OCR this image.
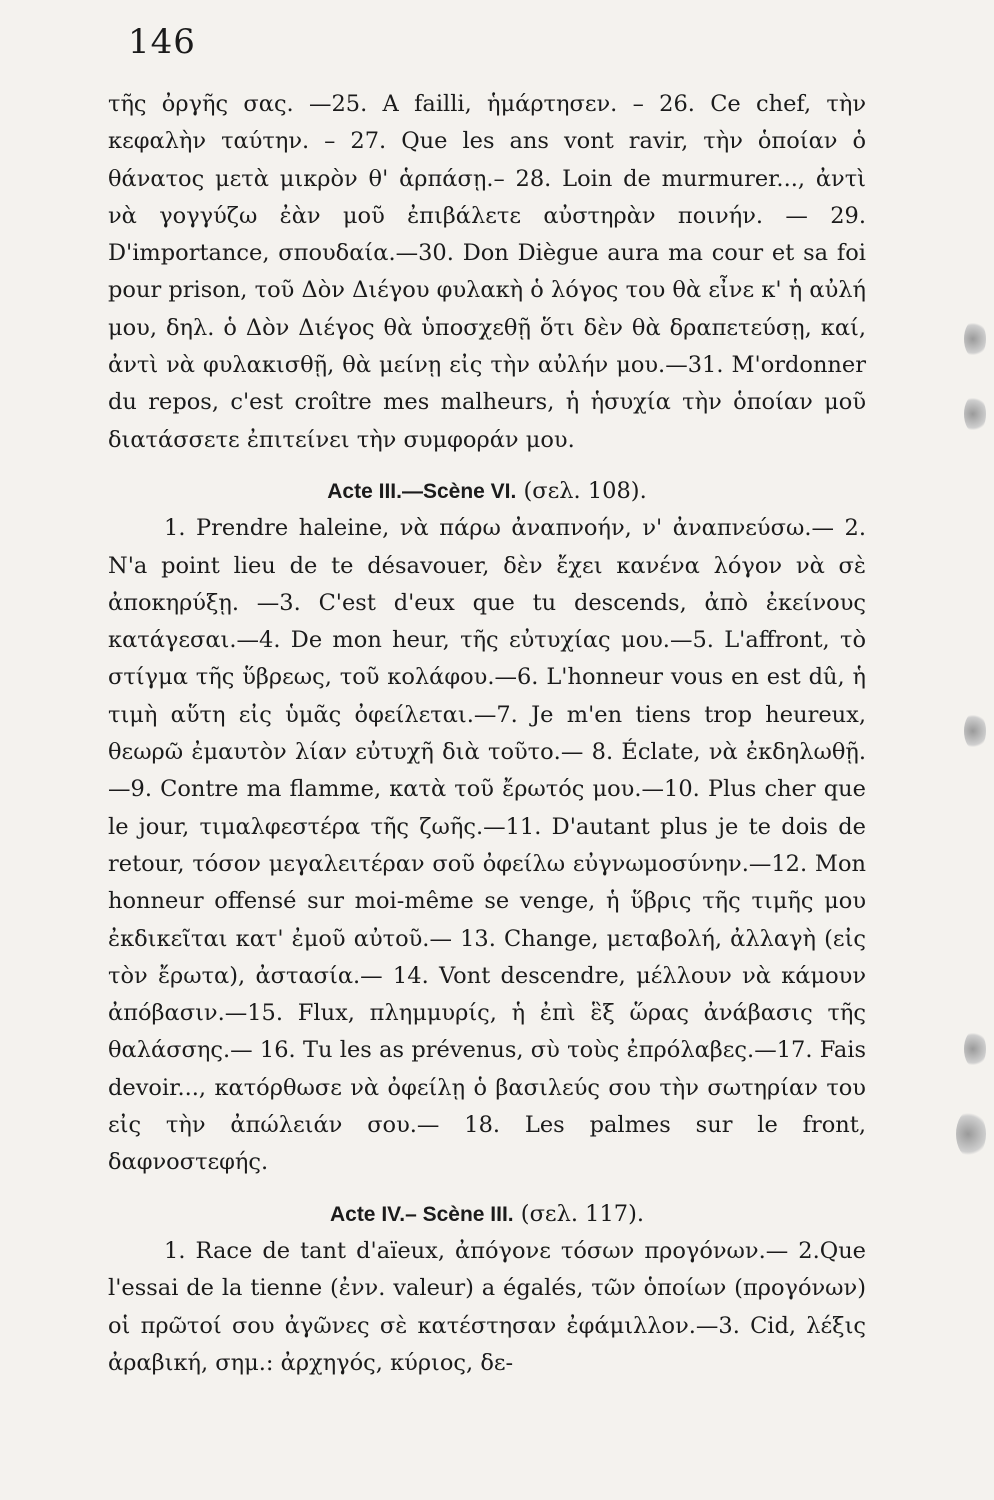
146

τῆς ὀργῆς σας. —25. A failli, ἡμάρτησεν. – 26. Ce chef, τὴν κεφαλὴν ταύτην. – 27. Que les ans vont ravir, τὴν ὁποίαν ὁ θάνατος μετὰ μικρὸν θ' ἁρπάσῃ.– 28. Loin de murmurer..., ἀντὶ νὰ γογγύζω ἐὰν μοῦ ἐπιβάλετε αὐστηρὰν ποινήν. — 29. D'importance, σπουδαία.—30. Don Diègue aura ma cour et sa foi pour prison, τοῦ Δὸν Διέγου φυλακὴ ὁ λόγος του θὰ εἶνε κ' ἡ αὐλή μου, δηλ. ὁ Δὸν Διέγος θὰ ὑποσχεθῇ ὅτι δὲν θὰ δραπετεύσῃ, καί, ἀντὶ νὰ φυλακισθῇ, θὰ μείνῃ εἰς τὴν αὐλήν μου.—31. M'ordonner du repos, c'est croître mes malheurs, ἡ ἡσυχία τὴν ὁποίαν μοῦ διατάσσετε ἐπιτείνει τὴν συμφοράν μου.

Acte III.—Scène VI. (σελ. 108).

1. Prendre haleine, νὰ πάρω ἀναπνοήν, ν' ἀναπνεύσω.— 2. N'a point lieu de te désavouer, δὲν ἔχει κανένα λόγον νὰ σὲ ἀποκηρύξῃ. —3. C'est d'eux que tu descends, ἀπὸ ἐκείνους κατάγεσαι.—4. De mon heur, τῆς εὐτυχίας μου.—5. L'affront, τὸ στίγμα τῆς ὕβρεως, τοῦ κολάφου.—6. L'honneur vous en est dû, ἡ τιμὴ αὕτη εἰς ὑμᾶς ὀφείλεται.—7. Je m'en tiens trop heureux, θεωρῶ ἐμαυτὸν λίαν εὐτυχῆ διὰ τοῦτο.— 8. Éclate, νὰ ἐκδηλωθῇ.—9. Contre ma flamme, κατὰ τοῦ ἔρωτός μου.—10. Plus cher que le jour, τιμαλφεστέρα τῆς ζωῆς.—11. D'autant plus je te dois de retour, τόσον μεγαλειτέραν σοῦ ὀφείλω εὐγνωμοσύνην.—12. Mon honneur offensé sur moi-même se venge, ἡ ὕβρις τῆς τιμῆς μου ἐκδικεῖται κατ' ἐμοῦ αὐτοῦ.— 13. Change, μεταβολή, ἀλλαγὴ (εἰς τὸν ἔρωτα), ἀστασία.— 14. Vont descendre, μέλλουν νὰ κάμουν ἀπόβασιν.—15. Flux, πλημμυρίς, ἡ ἐπὶ ἓξ ὥρας ἀνάβασις τῆς θαλάσσης.— 16. Tu les as prévenus, σὺ τοὺς ἐπρόλαβες.—17. Fais devoir..., κατόρθωσε νὰ ὀφείλῃ ὁ βασιλεύς σου τὴν σωτηρίαν του εἰς τὴν ἀπώλειάν σου.— 18. Les palmes sur le front, δαφνοστεφής.

Acte IV.– Scène III. (σελ. 117).

1. Race de tant d'aïeux, ἀπόγονε τόσων προγόνων.— 2.Que l'essai de la tienne (ἐνν. valeur) a égalés, τῶν ὁποίων (προγόνων) οἱ πρῶτοί σου ἀγῶνες σὲ κατέστησαν ἐφάμιλλον.—3. Cid, λέξις ἀραβική, σημ.: ἀρχηγός, κύριος, δε-
